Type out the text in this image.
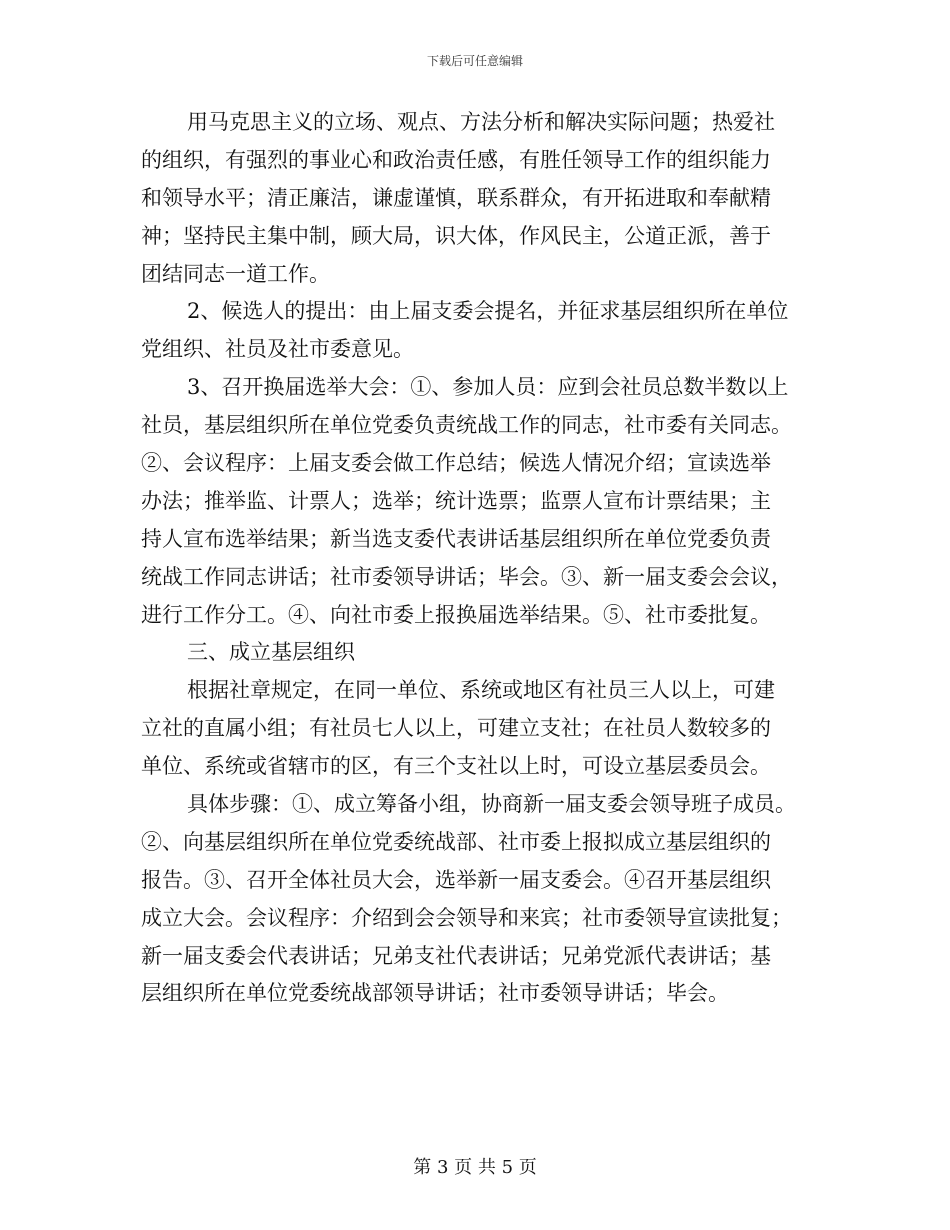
下载后可任意编辑
用马克思主义的立场、观点、方法分析和解决实际问题；热爱社
的组织，有强烈的事业心和政治责任感，有胜任领导工作的组织能力
和领导水平；清正廉洁，谦虚谨慎，联系群众，有开拓进取和奉献精
神；坚持民主集中制，顾大局，识大体，作风民主，公道正派，善于
团结同志一道工作。
2、候选人的提出：由上届支委会提名，并征求基层组织所在单位
党组织、社员及社市委意见。
3、召开换届选举大会：①、参加人员：应到会社员总数半数以上
社员，基层组织所在单位党委负责统战工作的同志，社市委有关同志。
②、会议程序：上届支委会做工作总结；候选人情况介绍；宣读选举
办法；推举监、计票人；选举；统计选票；监票人宣布计票结果；主
持人宣布选举结果；新当选支委代表讲话基层组织所在单位党委负责
统战工作同志讲话；社市委领导讲话；毕会。③、新一届支委会会议，
进行工作分工。④、向社市委上报换届选举结果。⑤、社市委批复。
三、成立基层组织
根据社章规定，在同一单位、系统或地区有社员三人以上，可建
立社的直属小组；有社员七人以上，可建立支社；在社员人数较多的
单位、系统或省辖市的区，有三个支社以上时，可设立基层委员会。
具体步骤：①、成立筹备小组，协商新一届支委会领导班子成员。
②、向基层组织所在单位党委统战部、社市委上报拟成立基层组织的
报告。③、召开全体社员大会，选举新一届支委会。④召开基层组织
成立大会。会议程序：介绍到会会领导和来宾；社市委领导宣读批复；
新一届支委会代表讲话；兄弟支社代表讲话；兄弟党派代表讲话；基
层组织所在单位党委统战部领导讲话；社市委领导讲话；毕会。
第 3 页 共 5 页
